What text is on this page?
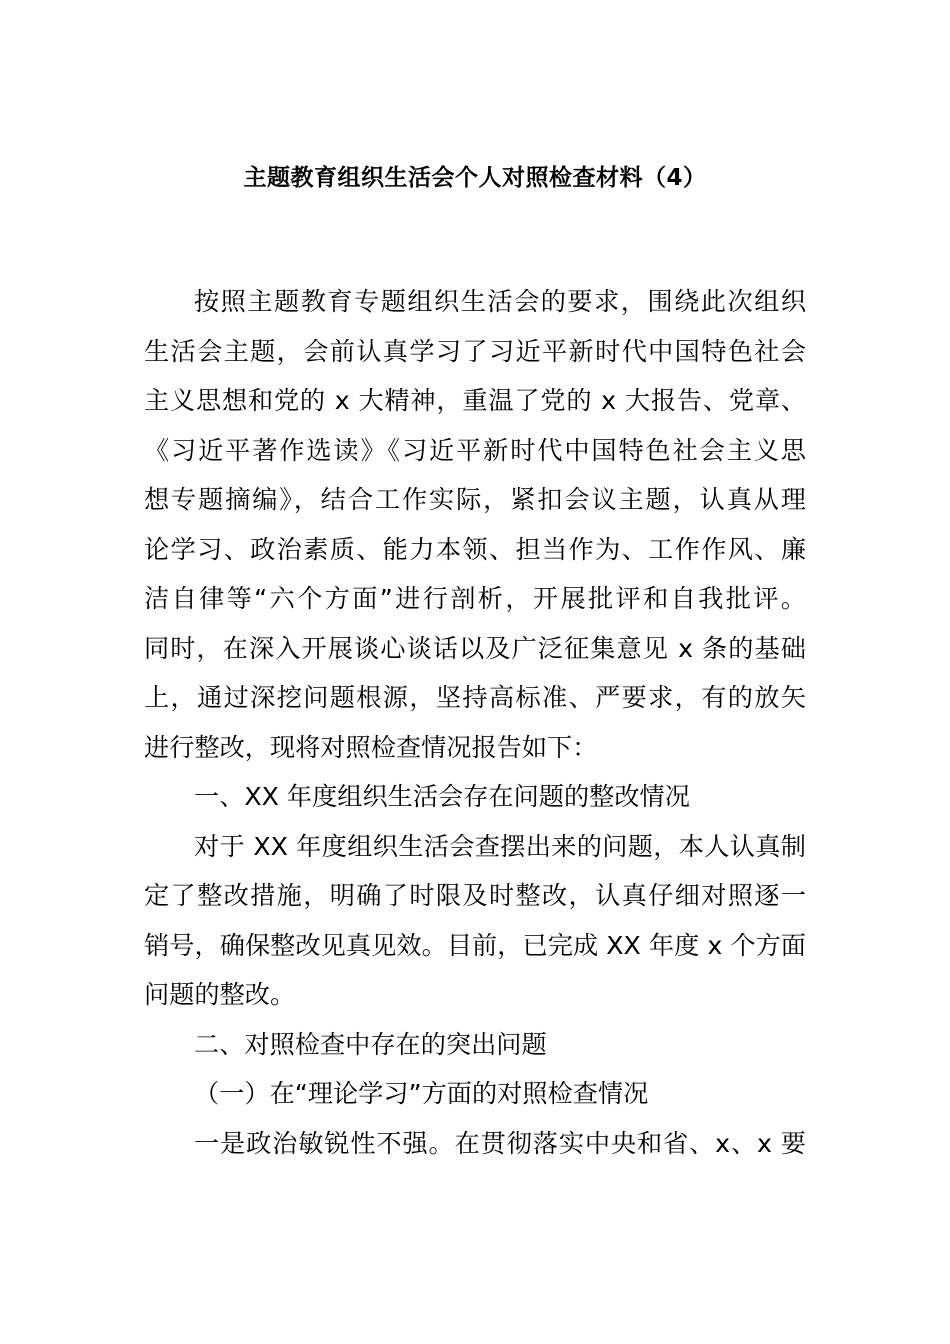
主题教育组织生活会个人对照检查材料（4）
按照主题教育专题组织生活会的要求，围绕此次组织
生活会主题，会前认真学习了习近平新时代中国特色社会
主义思想和党的 x 大精神，重温了党的 x 大报告、党章、
《习近平著作选读》《习近平新时代中国特色社会主义思
想专题摘编》，结合工作实际，紧扣会议主题，认真从理
论学习、政治素质、能力本领、担当作为、工作作风、廉
洁自律等“六个方面”进行剖析，开展批评和自我批评。
同时，在深入开展谈心谈话以及广泛征集意见 x 条的基础
上，通过深挖问题根源，坚持高标准、严要求，有的放矢
进行整改，现将对照检查情况报告如下：
一、XX 年度组织生活会存在问题的整改情况
对于 XX 年度组织生活会查摆出来的问题，本人认真制
定了整改措施，明确了时限及时整改，认真仔细对照逐一
销号，确保整改见真见效。目前，已完成 XX 年度 x 个方面
问题的整改。
二、对照检查中存在的突出问题
（一）在“理论学习”方面的对照检查情况
一是政治敏锐性不强。在贯彻落实中央和省、x、x 要
